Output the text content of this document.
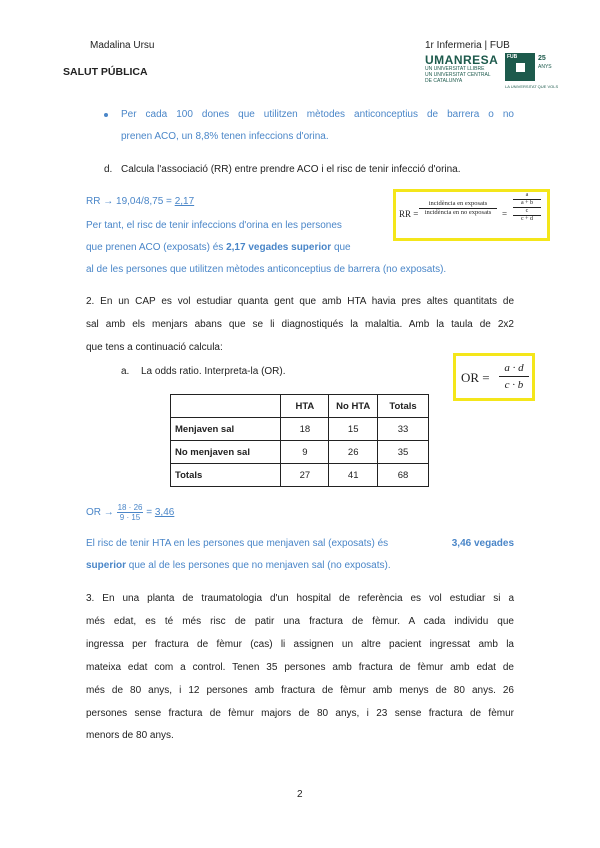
Madalina Ursu	1r Infermeria | FUB
SALUT PÚBLICA
UMANRESA
UN UNIVERSITAT LLIBRE
UN UNIVERSITAT CENTRAL
DE CATALUNYA
FUB	25
ANYS
LA UNIVERSITAT QUE VOLS
Per cada 100 dones que utilitzen mètodes anticonceptius de barrera o no
prenen ACO, un 8,8% tenen infeccions d'orina.
d. Calcula l'associació (RR) entre prendre ACO i el risc de tenir infecció d'orina.
RR =
incidència en exposats
incidència en no exposats	=
a
a + b
c
c + d
RR → 19,04/8,75 = 2,17
Per tant, el risc de tenir infeccions d'orina en les persones
que prenen ACO (exposats) és 2,17 vegades superior que
al de les persones que utilitzen mètodes anticonceptius de barrera (no exposats).
2. En un CAP es vol estudiar quanta gent que amb HTA havia pres altes quantitats de
sal amb els menjars abans que se li diagnostiqués la malaltia. Amb la taula de 2x2
que tens a continuació calcula:
a. La odds ratio. Interpreta-la (OR).	OR = $\frac{a \cdot d}{c \cdot b}$
	HTA	No HTA	Totals
Menjaven sal	18	15	33
No menjaven sal	9	26	35
Totals	27	41	68
OR → $\frac{18 \cdot 26}{9 \cdot 15} = 3,46$
El risc de tenir HTA en les persones que menjaven sal (exposats) és	3,46 vegades
superior que al de les persones que no menjaven sal (no exposats).
3. En una planta de traumatologia d'un hospital de referència es vol estudiar si a
més edat, es té més risc de patir una fractura de fèmur. A cada individu que
ingressa per fractura de fèmur (cas) li assignen un altre pacient ingressat amb la
mateixa edat com a control. Tenen 35 persones amb fractura de fèmur amb edat de
més de 80 anys, i 12 persones amb fractura de fèmur amb menys de 80 anys. 26
persones sense fractura de fèmur majors de 80 anys, i 23 sense fractura de fèmur
menors de 80 anys.
2
